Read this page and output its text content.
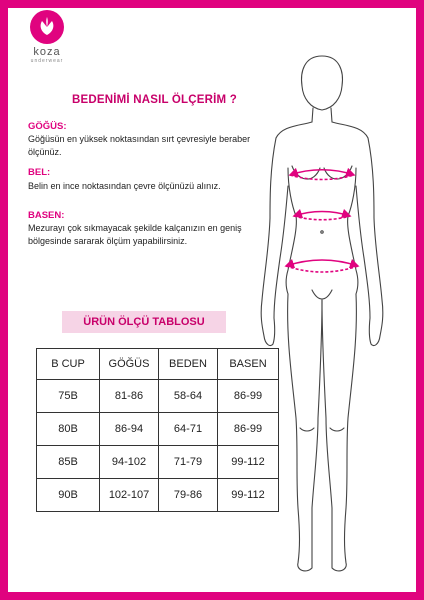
koza
underwear
BEDENİMİ NASIL ÖLÇERİM ?
GÖĞÜS:
Göğüsün en yüksek noktasından sırt çevresiyle beraber ölçünüz.
BEL:
Belin en ince noktasından çevre ölçünüzü alınız.
BASEN:
Mezurayı çok sıkmayacak şekilde kalçanızın en geniş bölgesinde sararak ölçüm yapabilirsiniz.
ÜRÜN ÖLÇÜ TABLOSU
B CUP	GÖĞÜS	BEDEN	BASEN
75B	81-86	58-64	86-99
80B	86-94	64-71	86-99
85B	94-102	71-79	99-112
90B	102-107	79-86	99-112
